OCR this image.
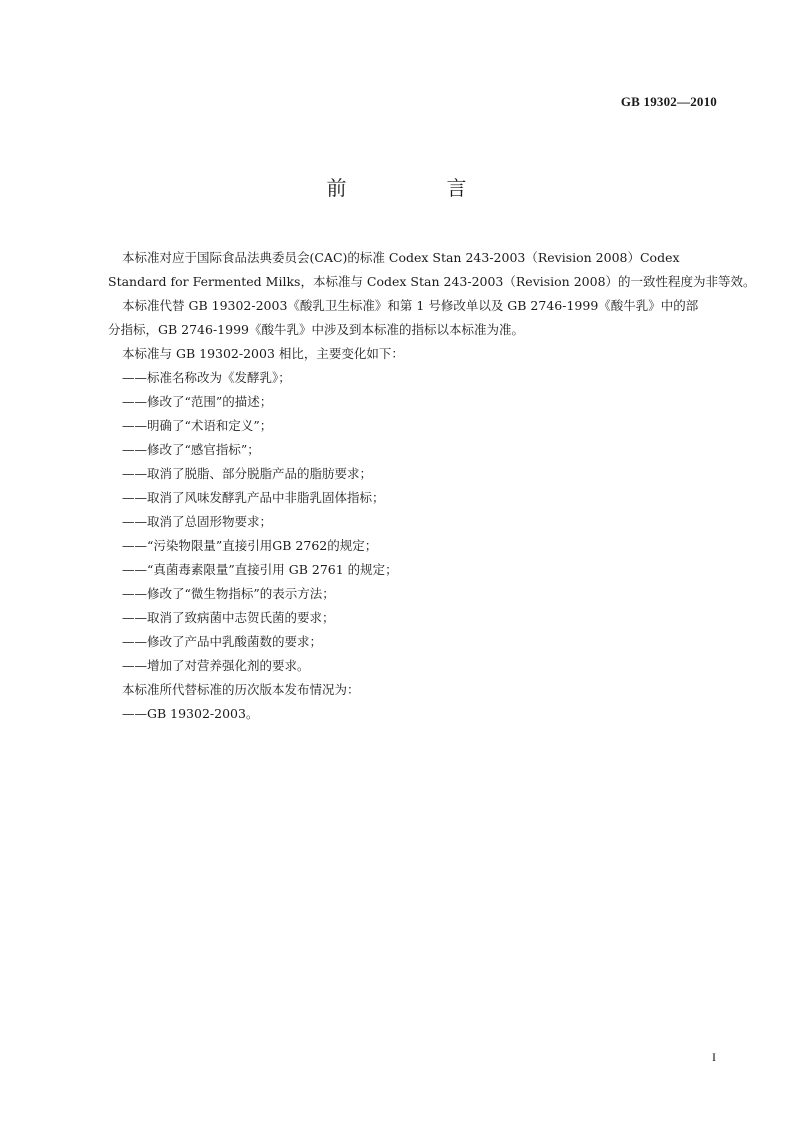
GB 19302—2010
前　言
本标准对应于国际食品法典委员会(CAC)的标准 Codex Stan 243-2003（Revision 2008）Codex
Standard for Fermented Milks，本标准与 Codex Stan 243-2003（Revision 2008）的一致性程度为非等效。
本标准代替 GB 19302-2003《酸乳卫生标准》和第 1 号修改单以及 GB 2746-1999《酸牛乳》中的部
分指标，GB 2746-1999《酸牛乳》中涉及到本标准的指标以本标准为准。
本标准与 GB 19302-2003 相比，主要变化如下：
——标准名称改为《发酵乳》；
——修改了“范围”的描述；
——明确了“术语和定义”；
——修改了“感官指标”；
——取消了脱脂、部分脱脂产品的脂肪要求；
——取消了风味发酵乳产品中非脂乳固体指标；
——取消了总固形物要求；
——“污染物限量”直接引用GB 2762的规定；
——“真菌毒素限量”直接引用 GB 2761 的规定；
——修改了“微生物指标”的表示方法；
——取消了致病菌中志贺氏菌的要求；
——修改了产品中乳酸菌数的要求；
——增加了对营养强化剂的要求。
本标准所代替标准的历次版本发布情况为：
——GB 19302-2003。
I
